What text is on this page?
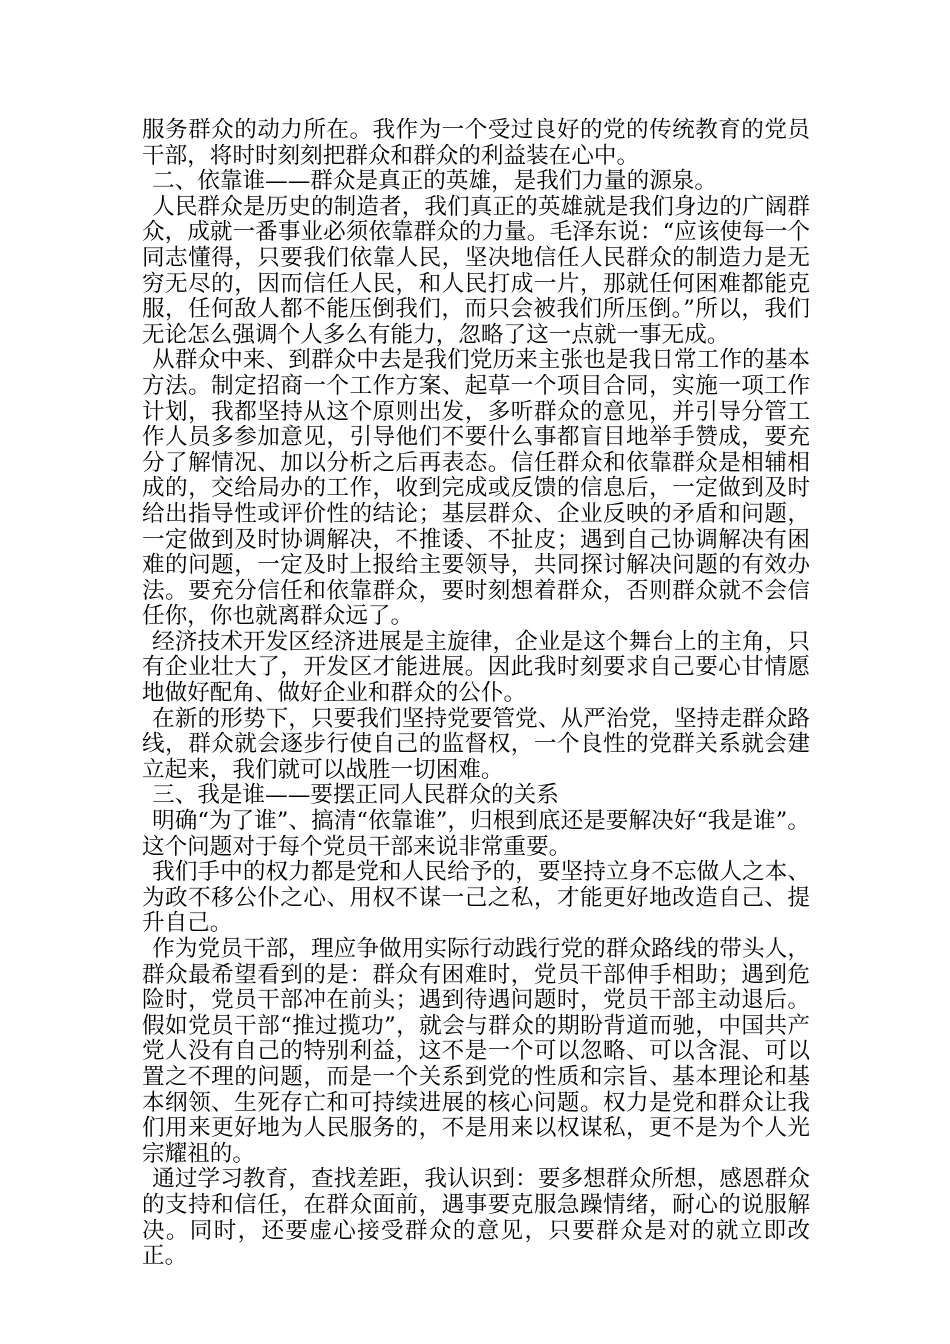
服务群众的动力所在。我作为一个受过良好的党的传统教育的党员干部，将时时刻刻把群众和群众的利益装在心中。

二、依靠谁——群众是真正的英雄，是我们力量的源泉。

人民群众是历史的制造者，我们真正的英雄就是我们身边的广阔群众，成就一番事业必须依靠群众的力量。毛泽东说：“应该使每一个同志懂得，只要我们依靠人民，坚决地信任人民群众的制造力是无穷无尽的，因而信任人民，和人民打成一片，那就任何困难都能克服，任何敌人都不能压倒我们，而只会被我们所压倒。”所以，我们无论怎么强调个人多么有能力，忽略了这一点就一事无成。

从群众中来、到群众中去是我们党历来主张也是我日常工作的基本方法。制定招商一个工作方案、起草一个项目合同，实施一项工作计划，我都坚持从这个原则出发，多听群众的意见，并引导分管工作人员多参加意见，引导他们不要什么事都盲目地举手赞成，要充分了解情况、加以分析之后再表态。信任群众和依靠群众是相辅相成的，交给局办的工作，收到完成或反馈的信息后，一定做到及时给出指导性或评价性的结论；基层群众、企业反映的矛盾和问题，一定做到及时协调解决，不推诿、不扯皮；遇到自己协调解决有困难的问题，一定及时上报给主要领导，共同探讨解决问题的有效办法。要充分信任和依靠群众，要时刻想着群众，否则群众就不会信任你，你也就离群众远了。

经济技术开发区经济进展是主旋律，企业是这个舞台上的主角，只有企业壮大了，开发区才能进展。因此我时刻要求自己要心甘情愿地做好配角、做好企业和群众的公仆。

在新的形势下，只要我们坚持党要管党、从严治党，坚持走群众路线，群众就会逐步行使自己的监督权，一个良性的党群关系就会建立起来，我们就可以战胜一切困难。

三、我是谁——要摆正同人民群众的关系

明确“为了谁”、搞清“依靠谁”，归根到底还是要解决好“我是谁”。这个问题对于每个党员干部来说非常重要。

我们手中的权力都是党和人民给予的，要坚持立身不忘做人之本、为政不移公仆之心、用权不谋一己之私，才能更好地改造自己、提升自己。

作为党员干部，理应争做用实际行动践行党的群众路线的带头人，群众最希望看到的是：群众有困难时，党员干部伸手相助；遇到危险时，党员干部冲在前头；遇到待遇问题时，党员干部主动退后。假如党员干部“推过揽功”，就会与群众的期盼背道而驰，中国共产党人没有自己的特别利益，这不是一个可以忽略、可以含混、可以置之不理的问题，而是一个关系到党的性质和宗旨、基本理论和基本纲领、生死存亡和可持续进展的核心问题。权力是党和群众让我们用来更好地为人民服务的，不是用来以权谋私，更不是为个人光宗耀祖的。

通过学习教育，查找差距，我认识到：要多想群众所想，感恩群众的支持和信任，在群众面前，遇事要克服急躁情绪，耐心的说服解决。同时，还要虚心接受群众的意见，只要群众是对的就立即改正。
